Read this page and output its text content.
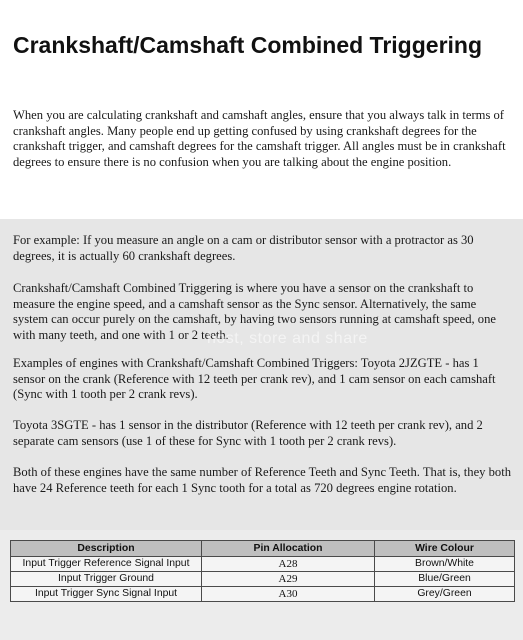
Crankshaft/Camshaft Combined Triggering

When you are calculating crankshaft and camshaft angles, ensure that you always talk in terms of crankshaft angles. Many people end up getting confused by using crankshaft degrees for the crankshaft trigger, and camshaft degrees for the camshaft trigger. All angles must be in crankshaft degrees to ensure there is no confusion when you are talking about the engine position.

For example: If you measure an angle on a cam or distributor sensor with a protractor as 30 degrees, it is actually 60 crankshaft degrees.

Crankshaft/Camshaft Combined Triggering is where you have a sensor on the crankshaft to measure the engine speed, and a camshaft sensor as the Sync sensor. Alternatively, the same system can occur purely on the camshaft, by having two sensors running at camshaft speed, one with many teeth, and one with 1 or 2 teeth.

Examples of engines with Crankshaft/Camshaft Combined Triggers: Toyota 2JZGTE - has 1 sensor on the crank (Reference with 12 teeth per crank rev), and 1 cam sensor on each camshaft (Sync with 1 tooth per 2 crank revs).

Toyota 3SGTE - has 1 sensor in the distributor (Reference with 12 teeth per crank rev), and 2 separate cam sensors (use 1 of these for Sync with 1 tooth per 2 crank revs).

Both of these engines have the same number of Reference Teeth and Sync Teeth. That is, they both have 24 Reference teeth for each 1 Sync tooth for a total as 720 degrees engine rotation.

host, store and share
Description	Pin Allocation	Wire Colour
Input Trigger Reference Signal Input	A28	Brown/White
Input Trigger Ground	A29	Blue/Green
Input Trigger Sync Signal Input	A30	Grey/Green
